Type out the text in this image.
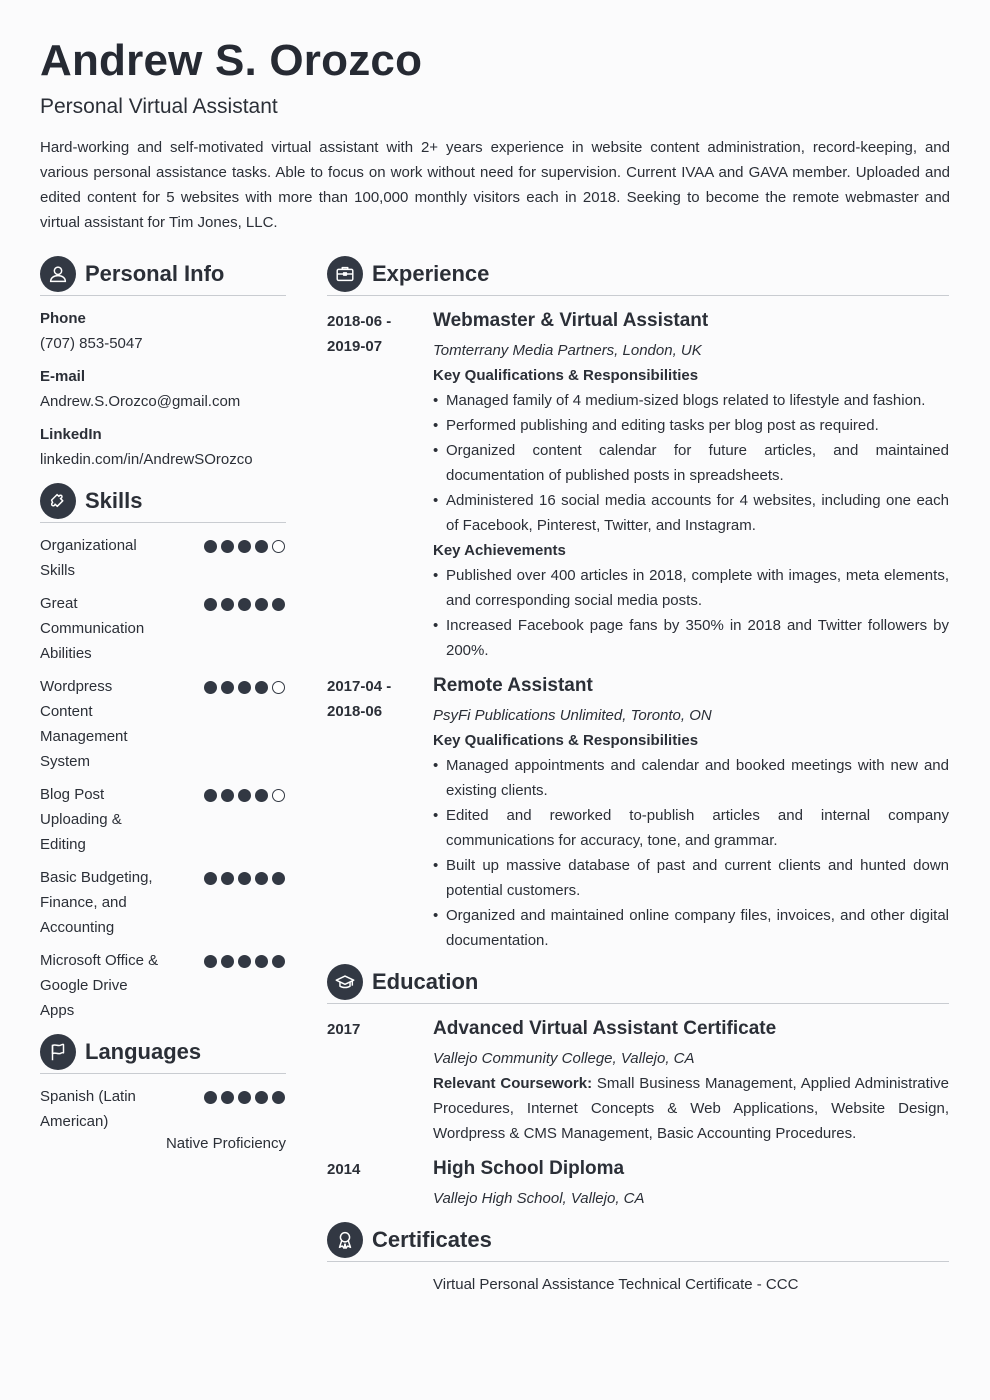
Andrew S. Orozco
Personal Virtual Assistant
Hard-working and self-motivated virtual assistant with 2+ years experience in website content administration, record-keeping, and various personal assistance tasks. Able to focus on work without need for supervision. Current IVAA and GAVA member. Uploaded and edited content for 5 websites with more than 100,000 monthly visitors each in 2018. Seeking to become the remote webmaster and virtual assistant for Tim Jones, LLC.
Personal Info
Phone
(707) 853-5047
E-mail
Andrew.S.Orozco@gmail.com
LinkedIn
linkedin.com/in/AndrewSOrozco
Skills
Organizational Skills
Great Communication Abilities
Wordpress Content Management System
Blog Post Uploading & Editing
Basic Budgeting, Finance, and Accounting
Microsoft Office & Google Drive Apps
Languages
Spanish (Latin American)
Native Proficiency
Experience
2018-06 -
2019-07
Webmaster & Virtual Assistant
Tomterrany Media Partners, London, UK
Key Qualifications & Responsibilities
• Managed family of 4 medium-sized blogs related to lifestyle and fashion.
• Performed publishing and editing tasks per blog post as required.
• Organized content calendar for future articles, and maintained documentation of published posts in spreadsheets.
• Administered 16 social media accounts for 4 websites, including one each of Facebook, Pinterest, Twitter, and Instagram.
Key Achievements
• Published over 400 articles in 2018, complete with images, meta elements, and corresponding social media posts.
• Increased Facebook page fans by 350% in 2018 and Twitter followers by 200%.
2017-04 -
2018-06
Remote Assistant
PsyFi Publications Unlimited, Toronto, ON
Key Qualifications & Responsibilities
• Managed appointments and calendar and booked meetings with new and existing clients.
• Edited and reworked to-publish articles and internal company communications for accuracy, tone, and grammar.
• Built up massive database of past and current clients and hunted down potential customers.
• Organized and maintained online company files, invoices, and other digital documentation.
Education
2017	Advanced Virtual Assistant Certificate
Vallejo Community College, Vallejo, CA
Relevant Coursework: Small Business Management, Applied Administrative Procedures, Internet Concepts & Web Applications, Website Design, Wordpress & CMS Management, Basic Accounting Procedures.
2014	High School Diploma
Vallejo High School, Vallejo, CA
Certificates
Virtual Personal Assistance Technical Certificate - CCC
